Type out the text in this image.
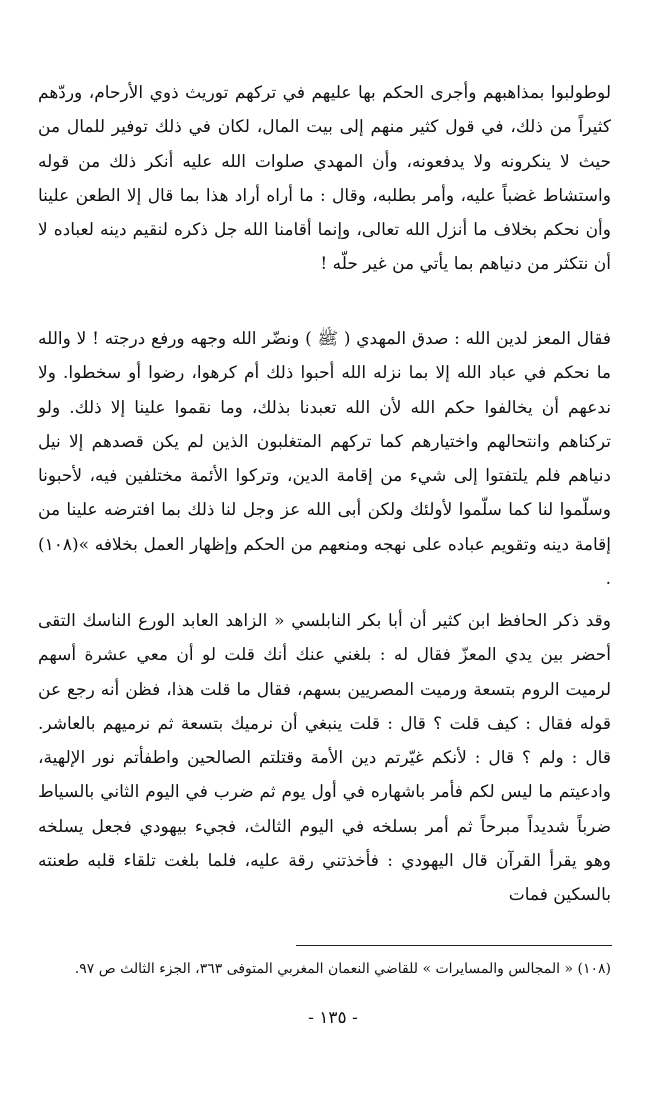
لوطولبوا بمذاهبهم وأجرى الحكم بها عليهم في تركهم توريث ذوي الأرحام، وردّهم كثيراً من ذلك، في قول كثير منهم إلى بيت المال، لكان في ذلك توفير للمال من حيث لا ينكرونه ولا يدفعونه، وأن المهدي صلوات الله عليه أنكر ذلك من قوله واستشاط غضباً عليه، وأمر بطلبه، وقال : ما أراه أراد هذا بما قال إلا الطعن علينا وأن نحكم بخلاف ما أنزل الله تعالى، وإنما أقامنا الله جل ذكره لنقيم دينه لعباده لا أن نتكثر من دنياهم بما يأتي من غير حلّه !

فقال المعز لدين الله : صدق المهدي ( ﷺ ) ونضّر الله وجهه ورفع درجته ! لا والله ما نحكم في عباد الله إلا بما نزله الله أحبوا ذلك أم كرهوا، رضوا أو سخطوا. ولا ندعهم أن يخالفوا حكم الله لأن الله تعبدنا بذلك، وما نقموا علينا إلا ذلك. ولو تركناهم وانتحالهم واختيارهم كما تركهم المتغلبون الذين لم يكن قصدهم إلا نيل دنياهم فلم يلتفتوا إلى شيء من إقامة الدين، وتركوا الأئمة مختلفين فيه، لأحبونا وسلّموا لنا كما سلّموا لأولئك ولكن أبى الله عز وجل لنا ذلك بما افترضه علينا من إقامة دينه وتقويم عباده على نهجه ومنعهم من الحكم وإظهار العمل بخلافه »(١٠٨) .

وقد ذكر الحافظ ابن كثير أن أبا بكر النابلسي « الزاهد العابد الورع الناسك التقى أحضر بين يدي المعزّ فقال له : بلغني عنك أنك قلت لو أن معي عشرة أسهم لرميت الروم بتسعة ورميت المصريين بسهم، فقال ما قلت هذا، فظن أنه رجع عن قوله فقال : كيف قلت ؟ قال : قلت ينبغي أن نرميك بتسعة ثم نرميهم بالعاشر. قال : ولم ؟ قال : لأنكم غيّرتم دين الأمة وقتلتم الصالحين واطفأتم نور الإلهية، وادعيتم ما ليس لكم فأمر باشهاره في أول يوم ثم ضرب في اليوم الثاني بالسياط ضرباً شديداً مبرحاً ثم أمر بسلخه في اليوم الثالث، فجيء بيهودي فجعل يسلخه وهو يقرأ القرآن قال اليهودي : فأخذتني رقة عليه، فلما بلغت تلقاء قلبه طعنته بالسكين فمات

(١٠٨) « المجالس والمسايرات » للقاضي النعمان المغربي المتوفى ٣٦٣، الجزء الثالث ص ٩٧.

- ١٣٥ -
